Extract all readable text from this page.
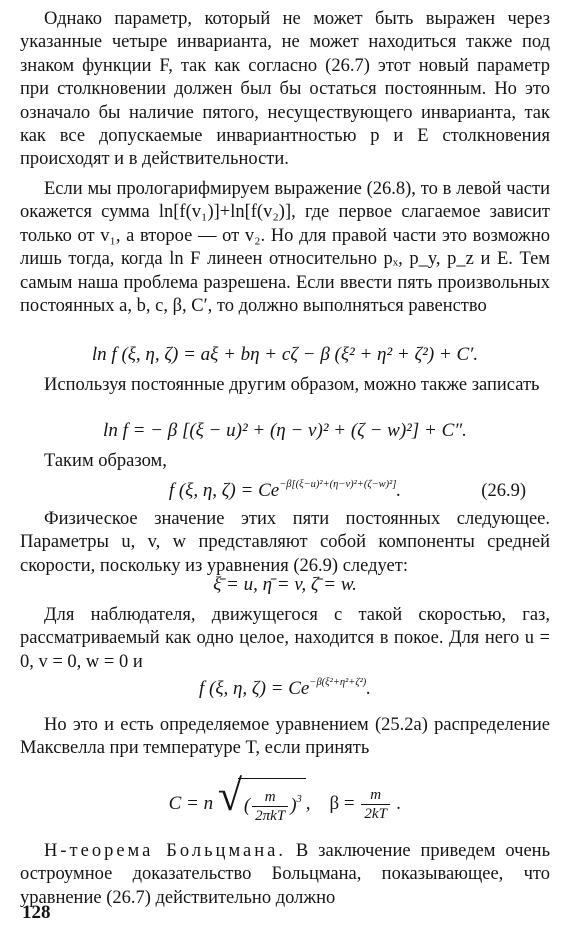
Однако параметр, который не может быть выражен через указанные четыре инварианта, не может находиться также под знаком функции F, так как согласно (26.7) этот новый параметр при столкновении должен был бы остаться постоянным. Но это означало бы наличие пятого, несуществующего инварианта, так как все допускаемые инвариантностью p и E столкновения происходят и в действительности.

Если мы прологарифмируем выражение (26.8), то в левой части окажется сумма ln[f(v₁)]+ln[f(v₂)], где первое слагаемое зависит только от v₁, а второе — от v₂. Но для правой части это возможно лишь тогда, когда ln F линеен относительно pₓ, p_y, p_z и E. Тем самым наша проблема разрешена. Если ввести пять произвольных постоянных a, b, c, β, C′, то должно выполняться равенство

ln f (ξ, η, ζ) = aξ + bη + cζ − β (ξ² + η² + ζ²) + C′.

Используя постоянные другим образом, можно также записать

ln f = − β [(ξ − u)² + (η − v)² + (ζ − w)²] + C″.

Таким образом,

f (ξ, η, $\zeta) = Ce^{-\beta[(\xi-u)^2+(\eta-v)^2+(\zeta-w)^2]}$.	(26.9)

Физическое значение этих пяти постоянных следующее. Параметры u, v, w представляют собой компоненты средней скорости, поскольку из уравнения (26.9) следует:

ξ̄ = u, η̄ = v, ζ̄ = w.

Для наблюдателя, движущегося с такой скоростью, газ, рассматриваемый как одно целое, находится в покое. Для него u = 0, v = 0, w = 0 и

f (ξ, η, $\zeta) = Ce^{-\beta(\xi^2+\eta^2+\zeta^2)}$.

Но это и есть определяемое уравнением (25.2а) распределение Максвелла при температуре T, если принять

C = n √ ( $\frac{m}{\text{2πkT}} )^3$ ,    $\beta = \frac{m}{2kT}$ .

H-теорема Больцмана. В заключение приведем очень остроумное доказательство Больцмана, показывающее, что уравнение (26.7) действительно должно

128
